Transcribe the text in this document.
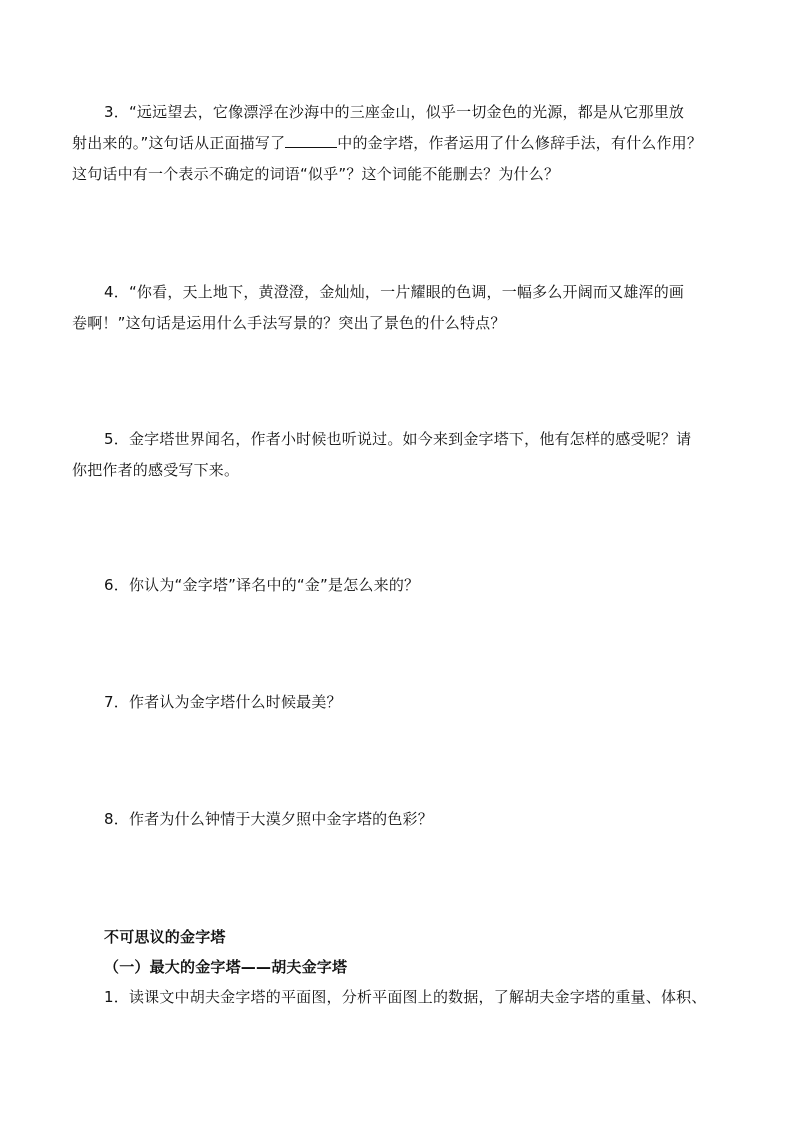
3．“远远望去，它像漂浮在沙海中的三座金山，似乎一切金色的光源，都是从它那里放
射出来的。”这句话从正面描写了	中的金字塔，作者运用了什么修辞手法，有什么作用？
这句话中有一个表示不确定的词语“似乎”？这个词能不能删去？为什么？
4．“你看，天上地下，黄澄澄，金灿灿，一片耀眼的色调，一幅多么开阔而又雄浑的画
卷啊！”这句话是运用什么手法写景的？突出了景色的什么特点？
5．金字塔世界闻名，作者小时候也听说过。如今来到金字塔下，他有怎样的感受呢？请
你把作者的感受写下来。
6．你认为“金字塔”译名中的“金”是怎么来的？
7．作者认为金字塔什么时候最美？
8．作者为什么钟情于大漠夕照中金字塔的色彩？
不可思议的金字塔
（一）最大的金字塔——胡夫金字塔
1．读课文中胡夫金字塔的平面图，分析平面图上的数据，了解胡夫金字塔的重量、体积、
